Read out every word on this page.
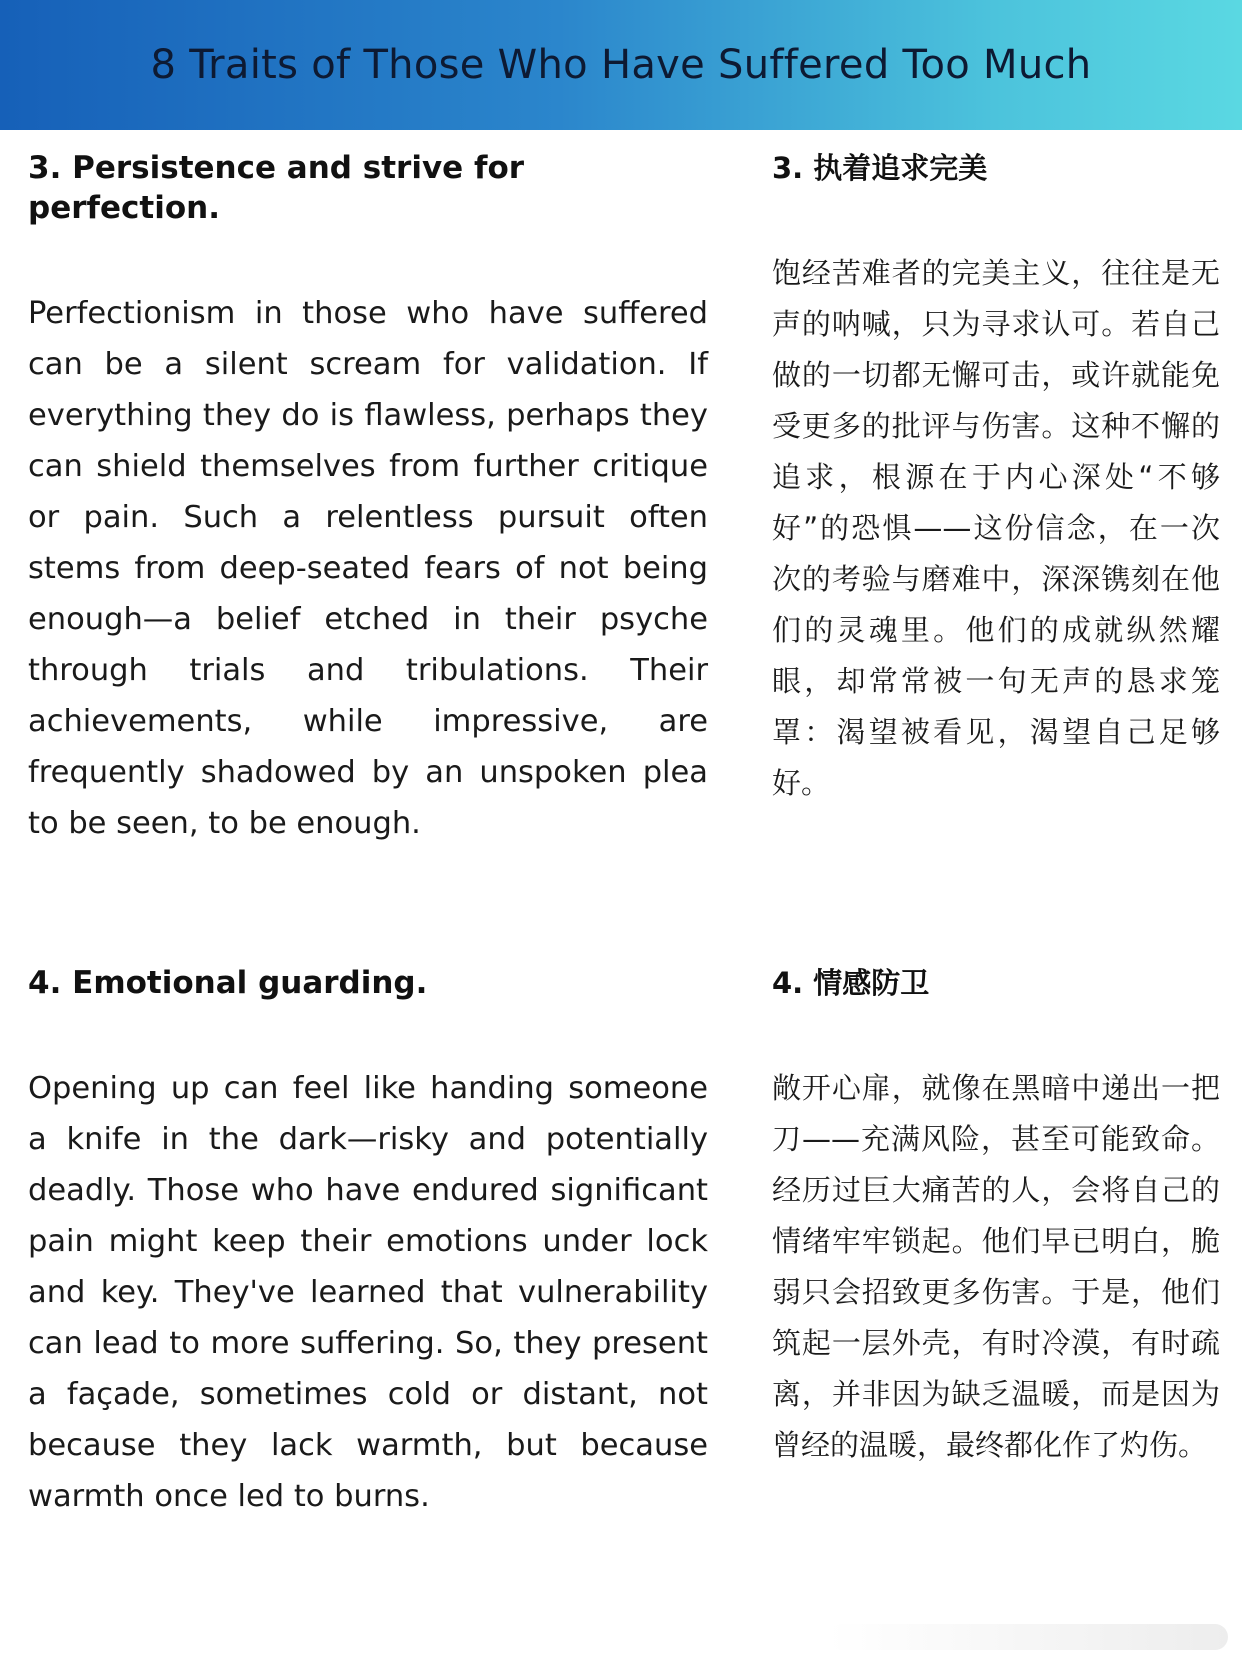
8 Traits of Those Who Have Suffered Too Much
3. Persistence and strive for perfection.

Perfectionism in those who have suffered can be a silent scream for validation. If everything they do is flawless, perhaps they can shield themselves from further critique or pain. Such a relentless pursuit often stems from deep-seated fears of not being enough—a belief etched in their psyche through trials and tribulations. Their achievements, while impressive, are frequently shadowed by an unspoken plea to be seen, to be enough.

3. 执着追求完美

饱经苦难者的完美主义，往往是无声的呐喊，只为寻求认可。若自己做的一切都无懈可击，或许就能免受更多的批评与伤害。这种不懈的追求，根源在于内心深处“不够好”的恐惧——这份信念，在一次次的考验与磨难中，深深镌刻在他们的灵魂里。他们的成就纵然耀眼，却常常被一句无声的恳求笼罩：渴望被看见，渴望自己足够好。

4. Emotional guarding.

Opening up can feel like handing someone a knife in the dark—risky and potentially deadly. Those who have endured significant pain might keep their emotions under lock and key. They've learned that vulnerability can lead to more suffering. So, they present a façade, sometimes cold or distant, not because they lack warmth, but because warmth once led to burns.

4. 情感防卫

敞开心扉，就像在黑暗中递出一把刀——充满风险，甚至可能致命。经历过巨大痛苦的人，会将自己的情绪牢牢锁起。他们早已明白，脆弱只会招致更多伤害。于是，他们筑起一层外壳，有时冷漠，有时疏离，并非因为缺乏温暖，而是因为曾经的温暖，最终都化作了灼伤。
